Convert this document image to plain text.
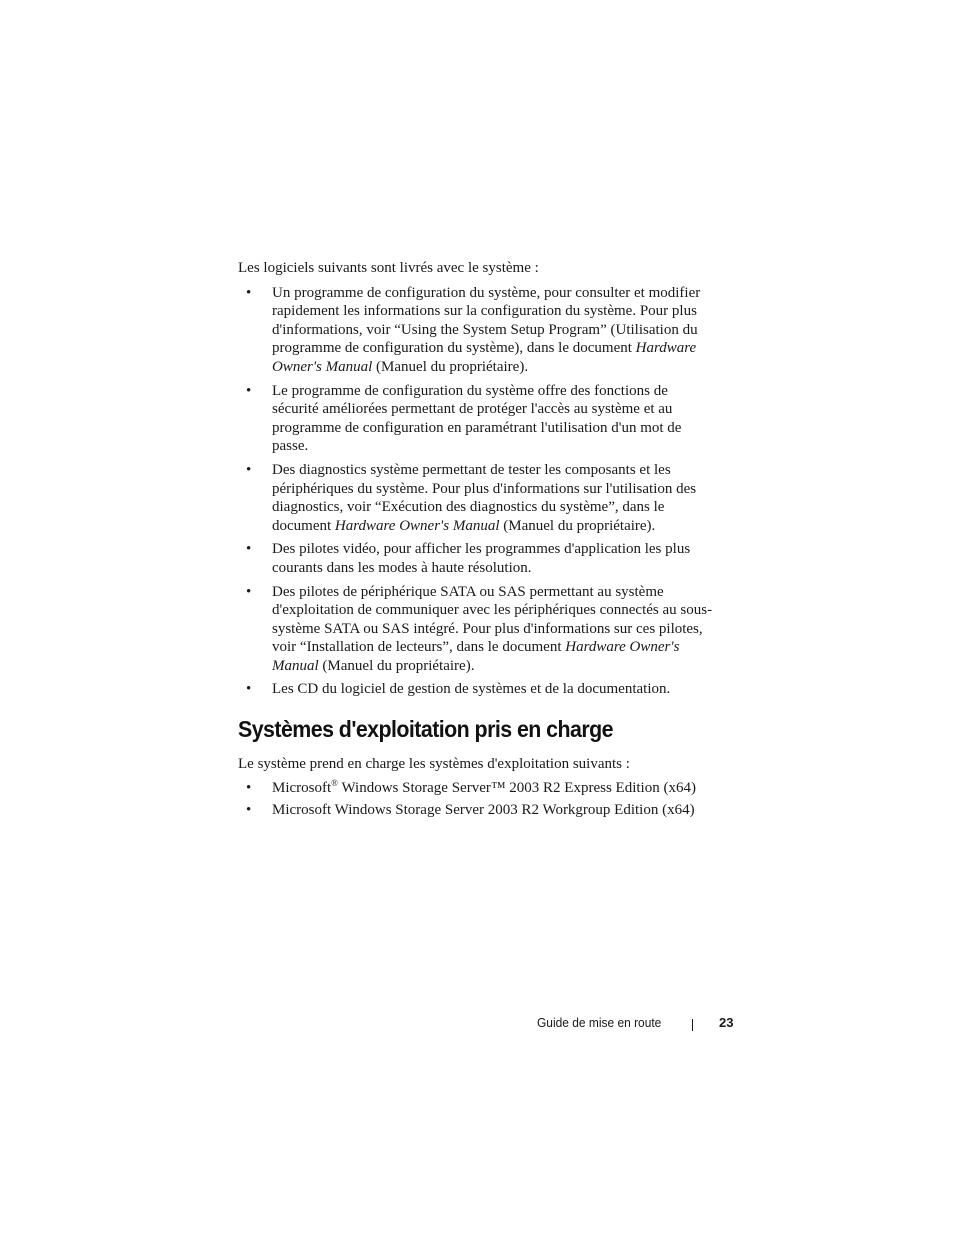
Les logiciels suivants sont livrés avec le système :

• Un programme de configuration du système, pour consulter et modifier rapidement les informations sur la configuration du système. Pour plus d'informations, voir “Using the System Setup Program” (Utilisation du programme de configuration du système), dans le document Hardware Owner's Manual (Manuel du propriétaire).
• Le programme de configuration du système offre des fonctions de sécurité améliorées permettant de protéger l'accès au système et au programme de configuration en paramétrant l'utilisation d'un mot de passe.
• Des diagnostics système permettant de tester les composants et les périphériques du système. Pour plus d'informations sur l'utilisation des diagnostics, voir “Exécution des diagnostics du système”, dans le document Hardware Owner's Manual (Manuel du propriétaire).
• Des pilotes vidéo, pour afficher les programmes d'application les plus courants dans les modes à haute résolution.
• Des pilotes de périphérique SATA ou SAS permettant au système d'exploitation de communiquer avec les périphériques connectés au sous-système SATA ou SAS intégré. Pour plus d'informations sur ces pilotes, voir “Installation de lecteurs”, dans le document Hardware Owner's Manual (Manuel du propriétaire).
• Les CD du logiciel de gestion de systèmes et de la documentation.
Systèmes d'exploitation pris en charge

Le système prend en charge les systèmes d'exploitation suivants :

• Microsoft® Windows Storage Server™ 2003 R2 Express Edition (x64)
• Microsoft Windows Storage Server 2003 R2 Workgroup Edition (x64)
Guide de mise en route	23
